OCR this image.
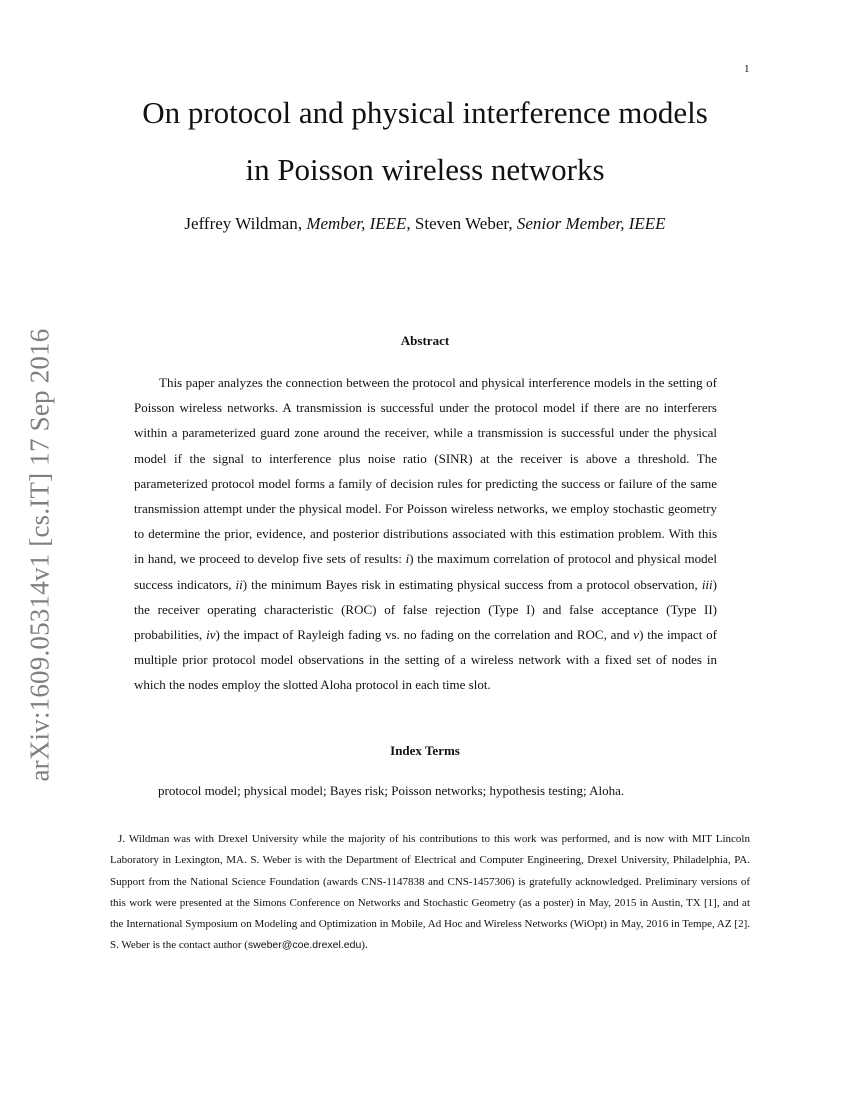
1
arXiv:1609.05314v1 [cs.IT] 17 Sep 2016
On protocol and physical interference models
in Poisson wireless networks
Jeffrey Wildman, Member, IEEE, Steven Weber, Senior Member, IEEE
Abstract

This paper analyzes the connection between the protocol and physical interference models in the setting of Poisson wireless networks. A transmission is successful under the protocol model if there are no interferers within a parameterized guard zone around the receiver, while a transmission is successful under the physical model if the signal to interference plus noise ratio (SINR) at the receiver is above a threshold. The parameterized protocol model forms a family of decision rules for predicting the success or failure of the same transmission attempt under the physical model. For Poisson wireless networks, we employ stochastic geometry to determine the prior, evidence, and posterior distributions associated with this estimation problem. With this in hand, we proceed to develop five sets of results: i) the maximum correlation of protocol and physical model success indicators, ii) the minimum Bayes risk in estimating physical success from a protocol observation, iii) the receiver operating characteristic (ROC) of false rejection (Type I) and false acceptance (Type II) probabilities, iv) the impact of Rayleigh fading vs. no fading on the correlation and ROC, and v) the impact of multiple prior protocol model observations in the setting of a wireless network with a fixed set of nodes in which the nodes employ the slotted Aloha protocol in each time slot.

Index Terms
protocol model; physical model; Bayes risk; Poisson networks; hypothesis testing; Aloha.

J. Wildman was with Drexel University while the majority of his contributions to this work was performed, and is now with MIT Lincoln Laboratory in Lexington, MA. S. Weber is with the Department of Electrical and Computer Engineering, Drexel University, Philadelphia, PA. Support from the National Science Foundation (awards CNS-1147838 and CNS-1457306) is gratefully acknowledged. Preliminary versions of this work were presented at the Simons Conference on Networks and Stochastic Geometry (as a poster) in May, 2015 in Austin, TX [1], and at the International Symposium on Modeling and Optimization in Mobile, Ad Hoc and Wireless Networks (WiOpt) in May, 2016 in Tempe, AZ [2]. S. Weber is the contact author (sweber@coe.drexel.edu).
